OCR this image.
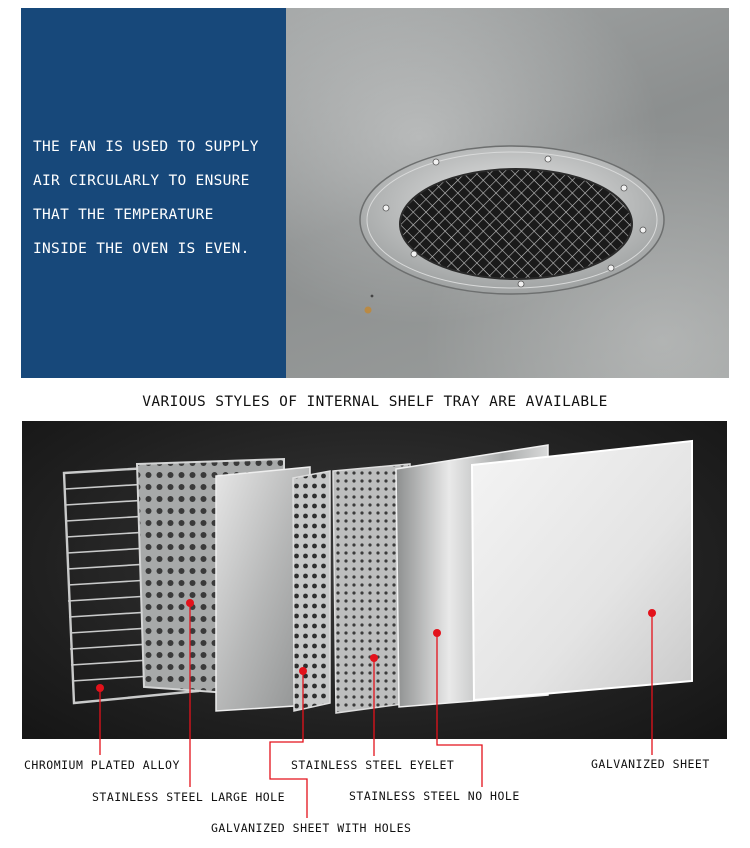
THE FAN IS USED TO SUPPLY
AIR CIRCULARLY TO ENSURE
THAT THE TEMPERATURE
INSIDE THE OVEN IS EVEN.
VARIOUS STYLES OF INTERNAL SHELF TRAY ARE AVAILABLE
CHROMIUM PLATED ALLOY
STAINLESS STEEL LARGE HOLE
GALVANIZED SHEET WITH HOLES
STAINLESS STEEL EYELET
STAINLESS STEEL NO HOLE
GALVANIZED SHEET
